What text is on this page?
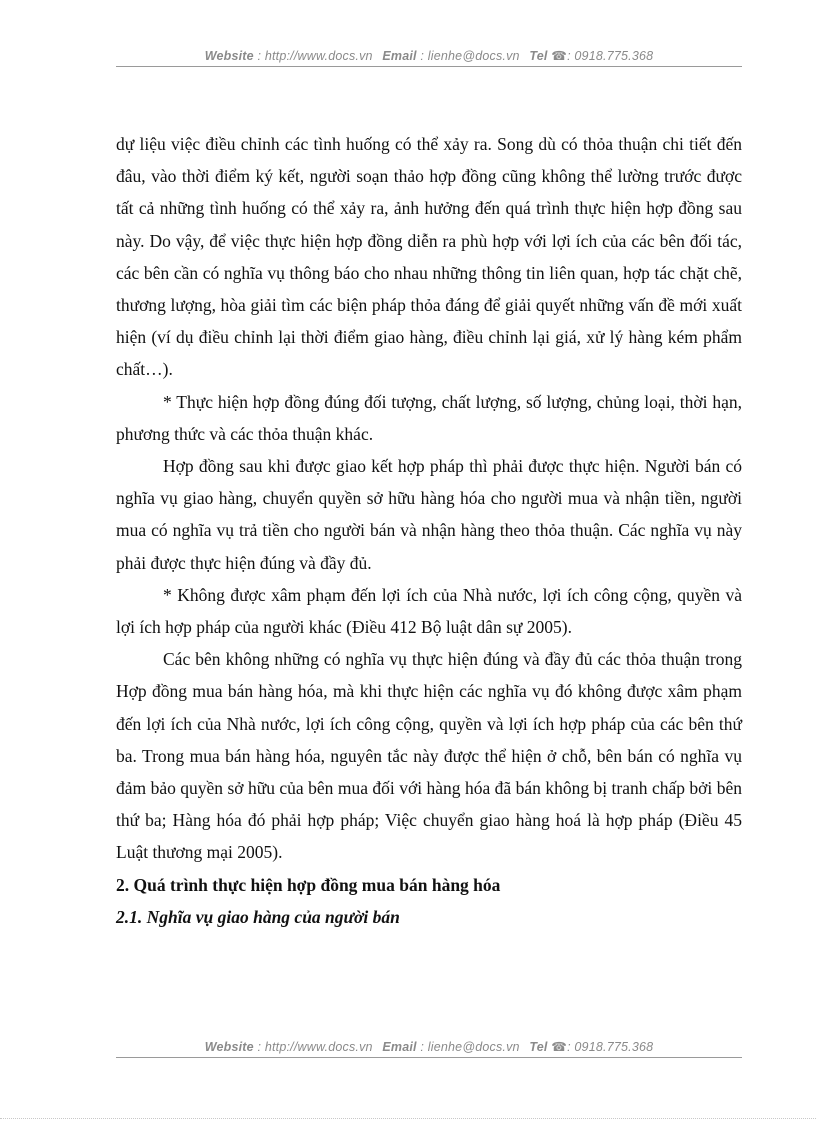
Website : http://www.docs.vn Email : lienhe@docs.vn Tel ☎: 0918.775.368

dự liệu việc điều chỉnh các tình huống có thể xảy ra. Song dù có thỏa thuận chi tiết đến đâu, vào thời điểm ký kết, người soạn thảo hợp đồng cũng không thể lường trước được tất cả những tình huống có thể xảy ra, ảnh hưởng đến quá trình thực hiện hợp đồng sau này. Do vậy, để việc thực hiện hợp đồng diễn ra phù hợp với lợi ích của các bên đối tác, các bên cần có nghĩa vụ thông báo cho nhau những thông tin liên quan, hợp tác chặt chẽ, thương lượng, hòa giải tìm các biện pháp thỏa đáng để giải quyết những vấn đề mới xuất hiện (ví dụ điều chỉnh lại thời điểm giao hàng, điều chỉnh lại giá, xử lý hàng kém phẩm chất…).

* Thực hiện hợp đồng đúng đối tượng, chất lượng, số lượng, chủng loại, thời hạn, phương thức và các thỏa thuận khác.

Hợp đồng sau khi được giao kết hợp pháp thì phải được thực hiện. Người bán có nghĩa vụ giao hàng, chuyển quyền sở hữu hàng hóa cho người mua và nhận tiền, người mua có nghĩa vụ trả tiền cho người bán và nhận hàng theo thỏa thuận. Các nghĩa vụ này phải được thực hiện đúng và đầy đủ.

* Không được xâm phạm đến lợi ích của Nhà nước, lợi ích công cộng, quyền và lợi ích hợp pháp của người khác (Điều 412 Bộ luật dân sự 2005).

Các bên không những có nghĩa vụ thực hiện đúng và đầy đủ các thỏa thuận trong Hợp đồng mua bán hàng hóa, mà khi thực hiện các nghĩa vụ đó không được xâm phạm đến lợi ích của Nhà nước, lợi ích công cộng, quyền và lợi ích hợp pháp của các bên thứ ba. Trong mua bán hàng hóa, nguyên tắc này được thể hiện ở chỗ, bên bán có nghĩa vụ đảm bảo quyền sở hữu của bên mua đối với hàng hóa đã bán không bị tranh chấp bởi bên thứ ba; Hàng hóa đó phải hợp pháp; Việc chuyển giao hàng hoá là hợp pháp (Điều 45 Luật thương mại 2005).

2. Quá trình thực hiện hợp đồng mua bán hàng hóa

2.1. Nghĩa vụ giao hàng của người bán

Website : http://www.docs.vn Email : lienhe@docs.vn Tel ☎: 0918.775.368
